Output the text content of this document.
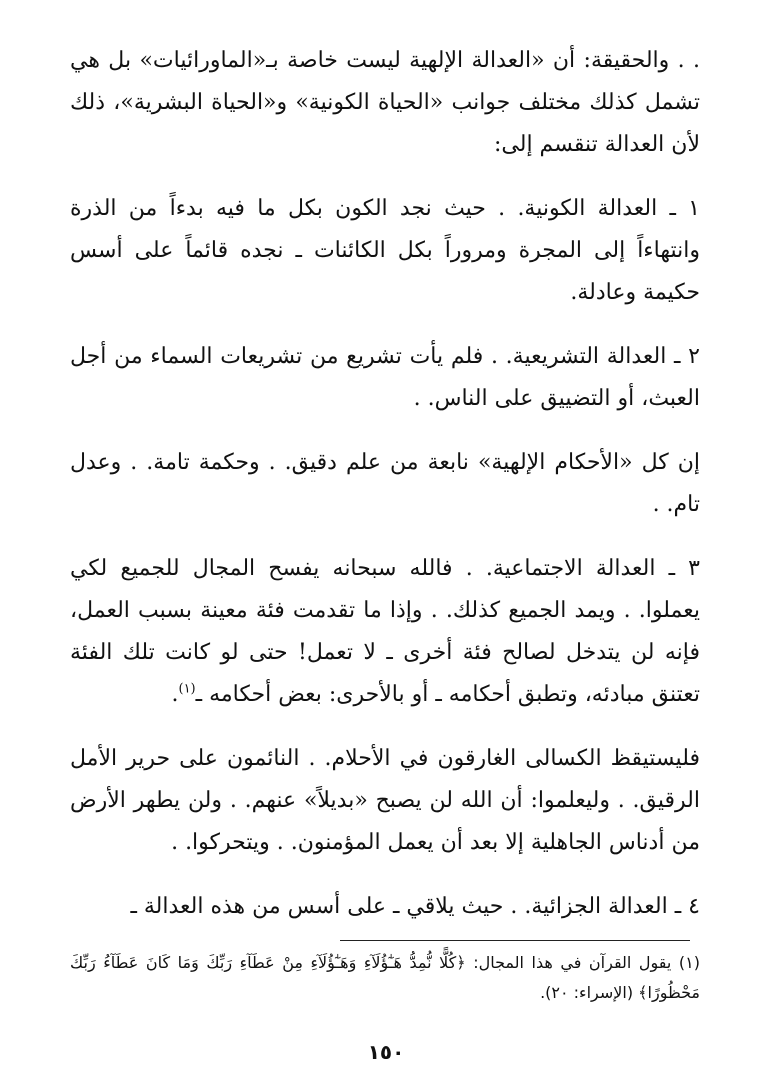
. . والحقيقة: أن «العدالة الإلهية ليست خاصة بـ«الماورائيات» بل هي تشمل كذلك مختلف جوانب «الحياة الكونية» و«الحياة البشرية»، ذلك لأن العدالة تنقسم إلى:

١ ـ العدالة الكونية. . حيث نجد الكون بكل ما فيه بدءاً من الذرة وانتهاءاً إلى المجرة ومروراً بكل الكائنات ـ نجده قائماً على أسس حكيمة وعادلة.

٢ ـ العدالة التشريعية. . فلم يأت تشريع من تشريعات السماء من أجل العبث، أو التضييق على الناس. .

إن كل «الأحكام الإلهية» نابعة من علم دقيق. . وحكمة تامة. . وعدل تام. .

٣ ـ العدالة الاجتماعية. . فالله سبحانه يفسح المجال للجميع لكي يعملوا. . ويمد الجميع كذلك. . وإذا ما تقدمت فئة معينة بسبب العمل، فإنه لن يتدخل لصالح فئة أخرى ـ لا تعمل! حتى لو كانت تلك الفئة تعتنق مبادئه، وتطبق أحكامه ـ أو بالأحرى: بعض أحكامه ـ$^{(١)}$.

فليستيقظ الكسالى الغارقون في الأحلام. . النائمون على حرير الأمل الرقيق. . وليعلموا: أن الله لن يصبح «بديلاً» عنهم. . ولن يطهر الأرض من أدناس الجاهلية إلا بعد أن يعمل المؤمنون. . ويتحركوا. .

٤ ـ العدالة الجزائية. . حيث يلاقي ـ على أسس من هذه العدالة ـ

(١) يقول القرآن في هذا المجال: ﴿كُلًّا نُّمِدُّ هَـٰٓؤُلَآءِ وَهَـٰٓؤُلَآءِ مِنْ عَطَآءِ رَبِّكَ وَمَا كَانَ عَطَآءُ رَبِّكَ مَحْظُورًا﴾ (الإسراء: ٢٠).
١٥٠
